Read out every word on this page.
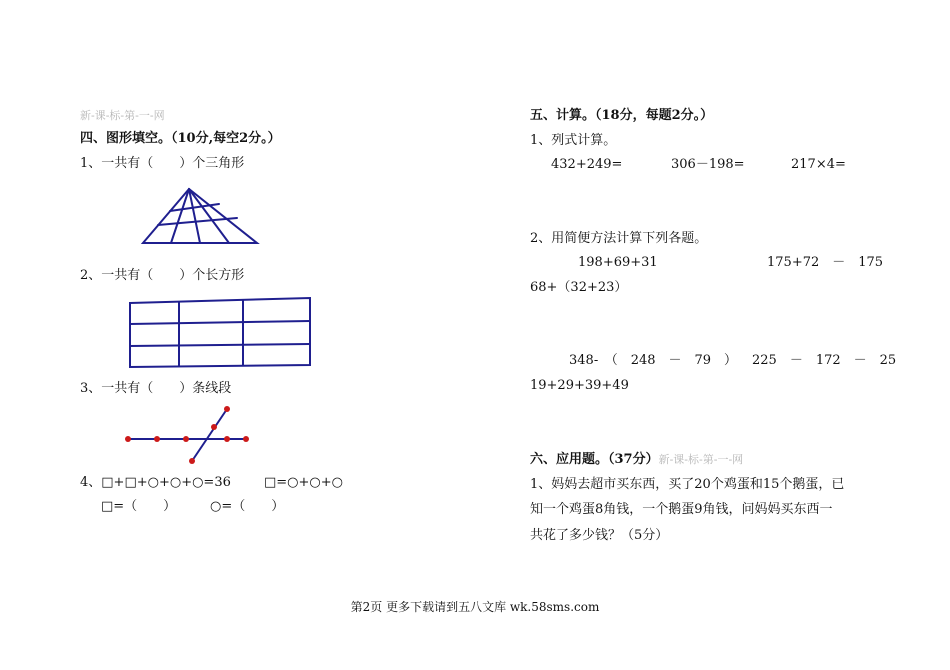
新-课-标-第-一-网
四、图形填空。（10分,每空2分。）
1、一共有（　　）个三角形
2、一共有（　　）个长方形
3、一共有（　　）条线段
4、□+□+○+○+○=36	□=○+○+○
□=（　　）	○=（　　）
五、计算。（18分，每题2分。）
1、列式计算。
432+249=	306－198=	217×4=
2、用简便方法计算下列各题。
198+69+31	175+72　－　175
68+（32+23）
348-　（　248　－　79　） 225　－　172　－　25
19+29+39+49
六、应用题。（37分）新-课-标-第-一-网
1、妈妈去超市买东西，买了20个鸡蛋和15个鹅蛋，已
知一个鸡蛋8角钱，一个鹅蛋9角钱，问妈妈买东西一
共花了多少钱？（5分）
第2页 更多下载请到五八文库 wk.58sms.com
